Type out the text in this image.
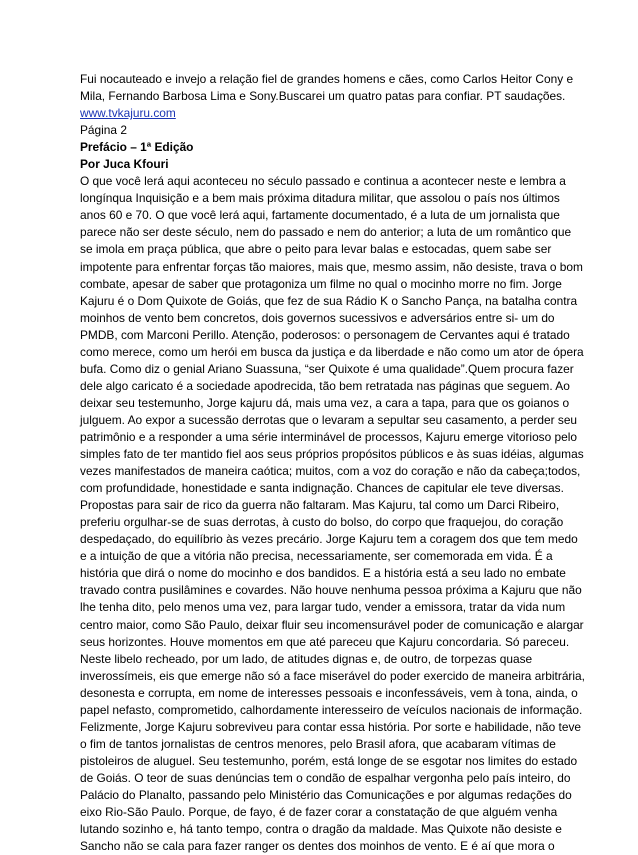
Fui nocauteado e invejo a relação fiel de grandes homens e cães, como Carlos Heitor Cony e
Mila, Fernando Barbosa Lima e Sony.Buscarei um quatro patas para confiar. PT saudações.
www.tvkajuru.com
Página 2
Prefácio – 1ª Edição
Por Juca Kfouri
O que você lerá aqui aconteceu no século passado e continua a acontecer neste e lembra a
longínqua Inquisição e a bem mais próxima ditadura militar, que assolou o país nos últimos
anos 60 e 70. O que você lerá aqui, fartamente documentado, é a luta de um jornalista que
parece não ser deste século, nem do passado e nem do anterior; a luta de um romântico que
se imola em praça pública, que abre o peito para levar balas e estocadas, quem sabe ser
impotente para enfrentar forças tão maiores, mais que, mesmo assim, não desiste, trava o bom
combate, apesar de saber que protagoniza um filme no qual o mocinho morre no fim. Jorge
Kajuru é o Dom Quixote de Goiás, que fez de sua Rádio K o Sancho Pança, na batalha contra
moinhos de vento bem concretos, dois governos sucessivos e adversários entre si- um do
PMDB, com Marconi Perillo. Atenção, poderosos: o personagem de Cervantes aqui é tratado
como merece, como um herói em busca da justiça e da liberdade e não como um ator de ópera
bufa. Como diz o genial Ariano Suassuna, “ser Quixote é uma qualidade”.Quem procura fazer
dele algo caricato é a sociedade apodrecida, tão bem retratada nas páginas que seguem. Ao
deixar seu testemunho, Jorge kajuru dá, mais uma vez, a cara a tapa, para que os goianos o
julguem. Ao expor a sucessão derrotas que o levaram a sepultar seu casamento, a perder seu
patrimônio e a responder a uma série interminável de processos, Kajuru emerge vitorioso pelo
simples fato de ter mantido fiel aos seus próprios propósitos públicos e às suas idéias, algumas
vezes manifestados de maneira caótica; muitos, com a voz do coração e não da cabeça;todos,
com profundidade, honestidade e santa indignação. Chances de capitular ele teve diversas.
Propostas para sair de rico da guerra não faltaram. Mas Kajuru, tal como um Darci Ribeiro,
preferiu orgulhar-se de suas derrotas, à custo do bolso, do corpo que fraquejou, do coração
despedaçado, do equilíbrio às vezes precário. Jorge Kajuru tem a coragem dos que tem medo
e a intuição de que a vitória não precisa, necessariamente, ser comemorada em vida. É a
história que dirá o nome do mocinho e dos bandidos. E a história está a seu lado no embate
travado contra pusilâmines e covardes. Não houve nenhuma pessoa próxima a Kajuru que não
lhe tenha dito, pelo menos uma vez, para largar tudo, vender a emissora, tratar da vida num
centro maior, como São Paulo, deixar fluir seu incomensurável poder de comunicação e alargar
seus horizontes. Houve momentos em que até pareceu que Kajuru concordaria. Só pareceu.
Neste libelo recheado, por um lado, de atitudes dignas e, de outro, de torpezas quase
inverossímeis, eis que emerge não só a face miserável do poder exercido de maneira arbitrária,
desonesta e corrupta, em nome de interesses pessoais e inconfessáveis, vem à tona, ainda, o
papel nefasto, comprometido, calhordamente interesseiro de veículos nacionais de informação.
Felizmente, Jorge Kajuru sobreviveu para contar essa história. Por sorte e habilidade, não teve
o fim de tantos jornalistas de centros menores, pelo Brasil afora, que acabaram vítimas de
pistoleiros de aluguel. Seu testemunho, porém, está longe de se esgotar nos limites do estado
de Goiás. O teor de suas denúncias tem o condão de espalhar vergonha pelo país inteiro, do
Palácio do Planalto, passando pelo Ministério das Comunicações e por algumas redações do
eixo Rio-São Paulo. Porque, de fayo, é de fazer corar a constatação de que alguém venha
lutando sozinho e, há tanto tempo, contra o dragão da maldade. Mas Quixote não desiste e
Sancho não se cala para fazer ranger os dentes dos moinhos de vento. E é aí que mora o
